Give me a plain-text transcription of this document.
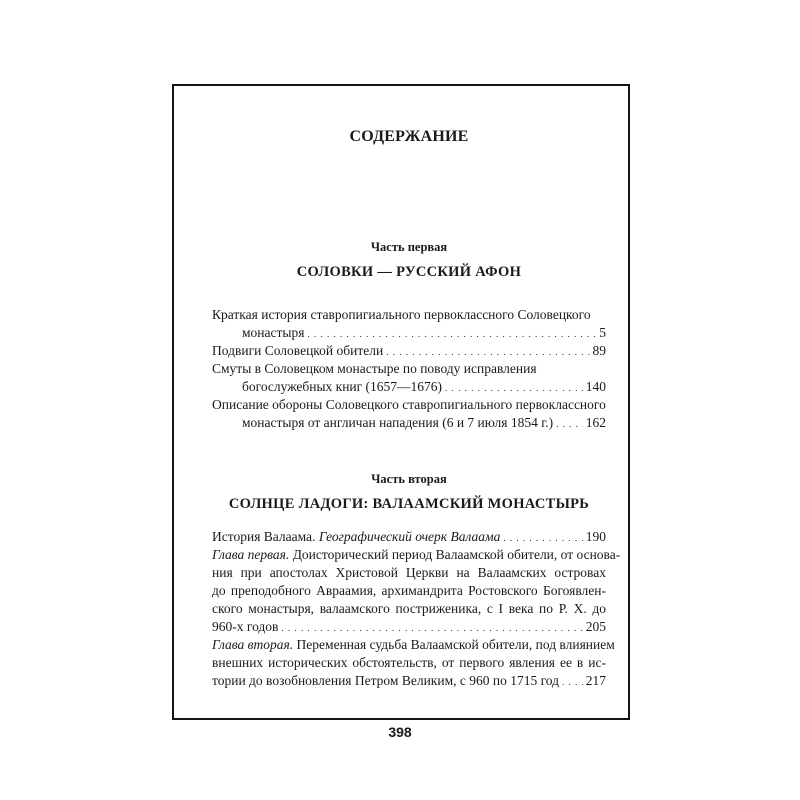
СОДЕРЖАНИЕ
Часть первая
СОЛОВКИ — РУССКИЙ АФОН
Краткая история ставропигиального первоклассного Соловецкого
монастыря . . .	5
Подвиги Соловецкой обители . . .	89
Смуты в Соловецком монастыре по поводу исправления
богослужебных книг (1657—1676) . . .	140
Описание обороны Соловецкого ставропигиального первоклассного
монастыря от англичан нападения (6 и 7 июля 1854 г.) . . . 162
Часть вторая
СОЛНЦЕ ЛАДОГИ: ВАЛААМСКИЙ МОНАСТЫРЬ
История Валаама. Географический очерк Валаама . . .	190
Глава первая. Доисторический период Валаамской обители, от основа-
ния при апостолах Христовой Церкви на Валаамских островах
до преподобного Авраамия, архимандрита Ростовского Богоявлен-
ского монастыря, валаамского постриженика, с I века по Р. Х. до
960-х годов . . .	205
Глава вторая. Переменная судьба Валаамской обители, под влиянием
внешних исторических обстоятельств, от первого явления ее в ис-
тории до возобновления Петром Великим, с 960 по 1715 год . . . 217
398
